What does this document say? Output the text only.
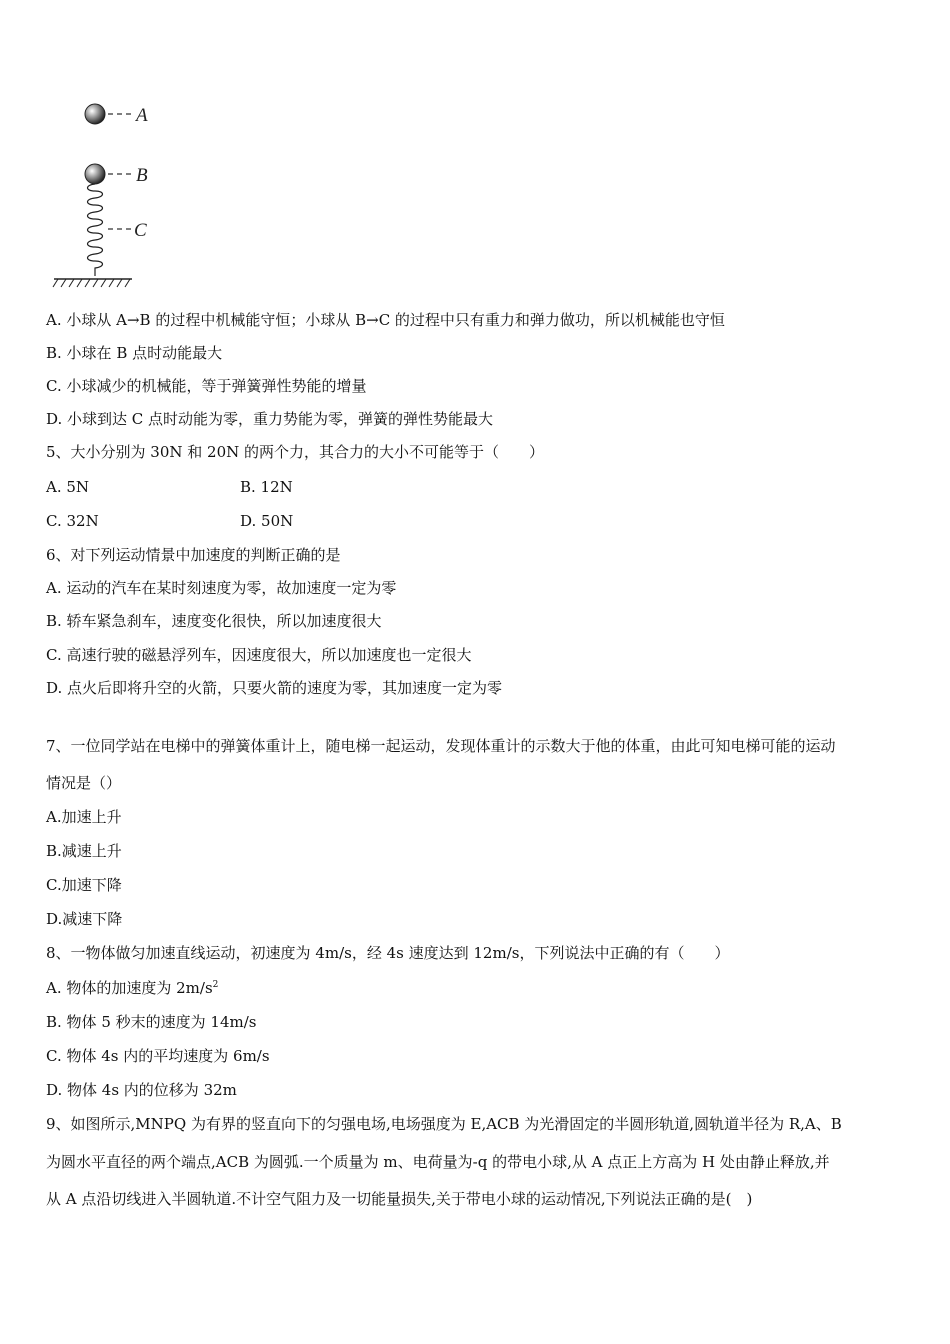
A
B
C
A. 小球从 A→B 的过程中机械能守恒；小球从 B→C 的过程中只有重力和弹力做功，所以机械能也守恒
B. 小球在 B 点时动能最大
C. 小球减少的机械能，等于弹簧弹性势能的增量
D. 小球到达 C 点时动能为零，重力势能为零，弹簧的弹性势能最大
5、大小分别为 30N 和 20N 的两个力，其合力的大小不可能等于（　　）
A. 5N	B. 12N
C. 32N	D. 50N
6、对下列运动情景中加速度的判断正确的是
A. 运动的汽车在某时刻速度为零，故加速度一定为零
B. 轿车紧急刹车，速度变化很快，所以加速度很大
C. 高速行驶的磁悬浮列车，因速度很大，所以加速度也一定很大
D. 点火后即将升空的火箭，只要火箭的速度为零，其加速度一定为零
7、一位同学站在电梯中的弹簧体重计上，随电梯一起运动，发现体重计的示数大于他的体重，由此可知电梯可能的运动
情况是（）
A.加速上升
B.减速上升
C.加速下降
D.减速下降
8、一物体做匀加速直线运动，初速度为 4m/s，经 4s 速度达到 12m/s，下列说法中正确的有（　　）
A. 物体的加速度为 $2m/s^2$
B. 物体 5 秒末的速度为 14m/s
C. 物体 4s 内的平均速度为 6m/s
D. 物体 4s 内的位移为 32m
9、如图所示,MNPQ 为有界的竖直向下的匀强电场,电场强度为 E,ACB 为光滑固定的半圆形轨道,圆轨道半径为 R,A、B
为圆水平直径的两个端点,ACB 为圆弧.一个质量为 m、电荷量为-q 的带电小球,从 A 点正上方高为 H 处由静止释放,并
从 A 点沿切线进入半圆轨道.不计空气阻力及一切能量损失,关于带电小球的运动情况,下列说法正确的是(　)
